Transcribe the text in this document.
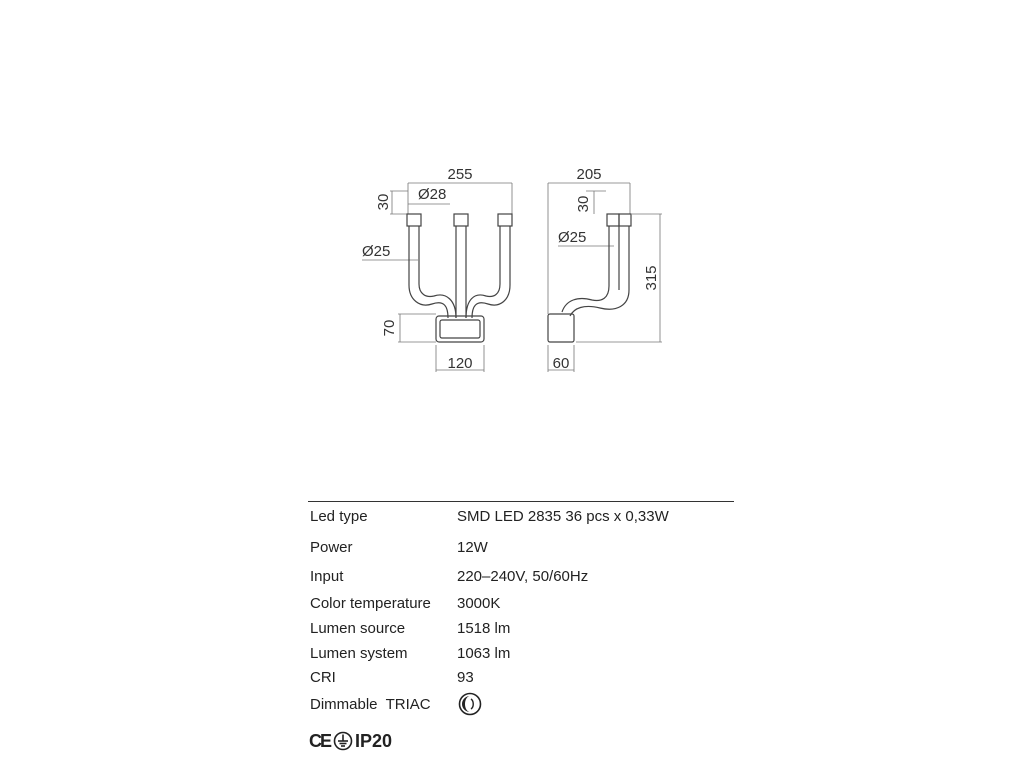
255
Ø28
30
Ø25
70
120
205
30
Ø25
315
60
Led type	SMD LED 2835 36 pcs x 0,33W
Power	12W
Input	220–240V, 50/60Hz
Color temperature 3000K
Lumen source	1518 lm
Lumen system	1063 lm
CRI	93
Dimmable  TRIAC
CE IP20
